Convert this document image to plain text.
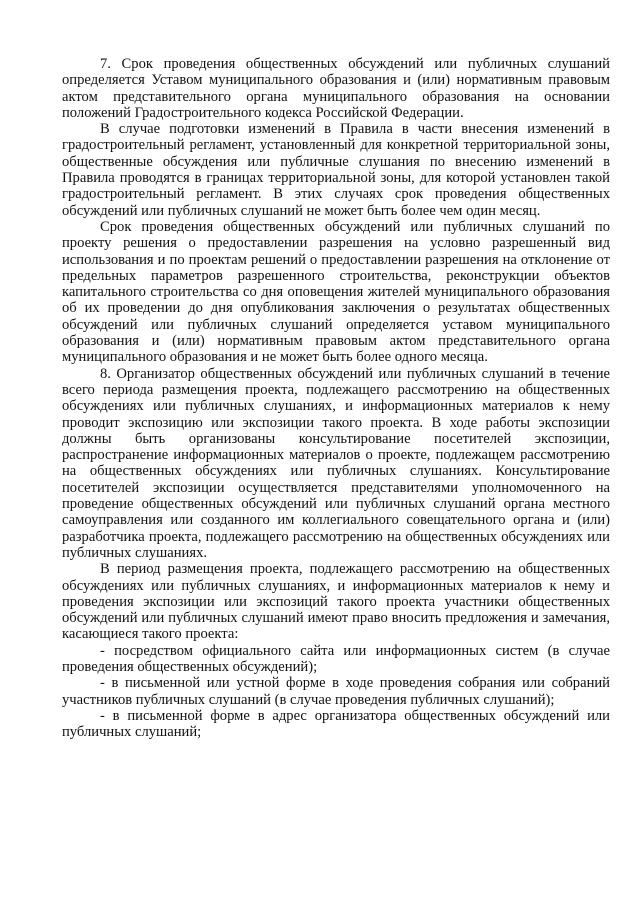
7. Срок проведения общественных обсуждений или публичных слушаний определяется Уставом муниципального образования и (или) нормативным правовым актом представительного органа муниципального образования на основании положений Градостроительного кодекса Российской Федерации.

В случае подготовки изменений в Правила в части внесения изменений в градостроительный регламент, установленный для конкретной территориальной зоны, общественные обсуждения или публичные слушания по внесению изменений в Правила проводятся в границах территориальной зоны, для которой установлен такой градостроительный регламент. В этих случаях срок проведения общественных обсуждений или публичных слушаний не может быть более чем один месяц.

Срок проведения общественных обсуждений или публичных слушаний по проекту решения о предоставлении разрешения на условно разрешенный вид использования и по проектам решений о предоставлении разрешения на отклонение от предельных параметров разрешенного строительства, реконструкции объектов капитального строительства со дня оповещения жителей муниципального образования об их проведении до дня опубликования заключения о результатах общественных обсуждений или публичных слушаний определяется уставом муниципального образования и (или) нормативным правовым актом представительного органа муниципального образования и не может быть более одного месяца.

8. Организатор общественных обсуждений или публичных слушаний в течение всего периода размещения проекта, подлежащего рассмотрению на общественных обсуждениях или публичных слушаниях, и информационных материалов к нему проводит экспозицию или экспозиции такого проекта. В ходе работы экспозиции должны быть организованы консультирование посетителей экспозиции, распространение информационных материалов о проекте, подлежащем рассмотрению на общественных обсуждениях или публичных слушаниях. Консультирование посетителей экспозиции осуществляется представителями уполномоченного на проведение общественных обсуждений или публичных слушаний органа местного самоуправления или созданного им коллегиального совещательного органа и (или) разработчика проекта, подлежащего рассмотрению на общественных обсуждениях или публичных слушаниях.

В период размещения проекта, подлежащего рассмотрению на общественных обсуждениях или публичных слушаниях, и информационных материалов к нему и проведения экспозиции или экспозиций такого проекта участники общественных обсуждений или публичных слушаний имеют право вносить предложения и замечания, касающиеся такого проекта:

- посредством официального сайта или информационных систем (в случае проведения общественных обсуждений);

- в письменной или устной форме в ходе проведения собрания или собраний участников публичных слушаний (в случае проведения публичных слушаний);

- в письменной форме в адрес организатора общественных обсуждений или публичных слушаний;
